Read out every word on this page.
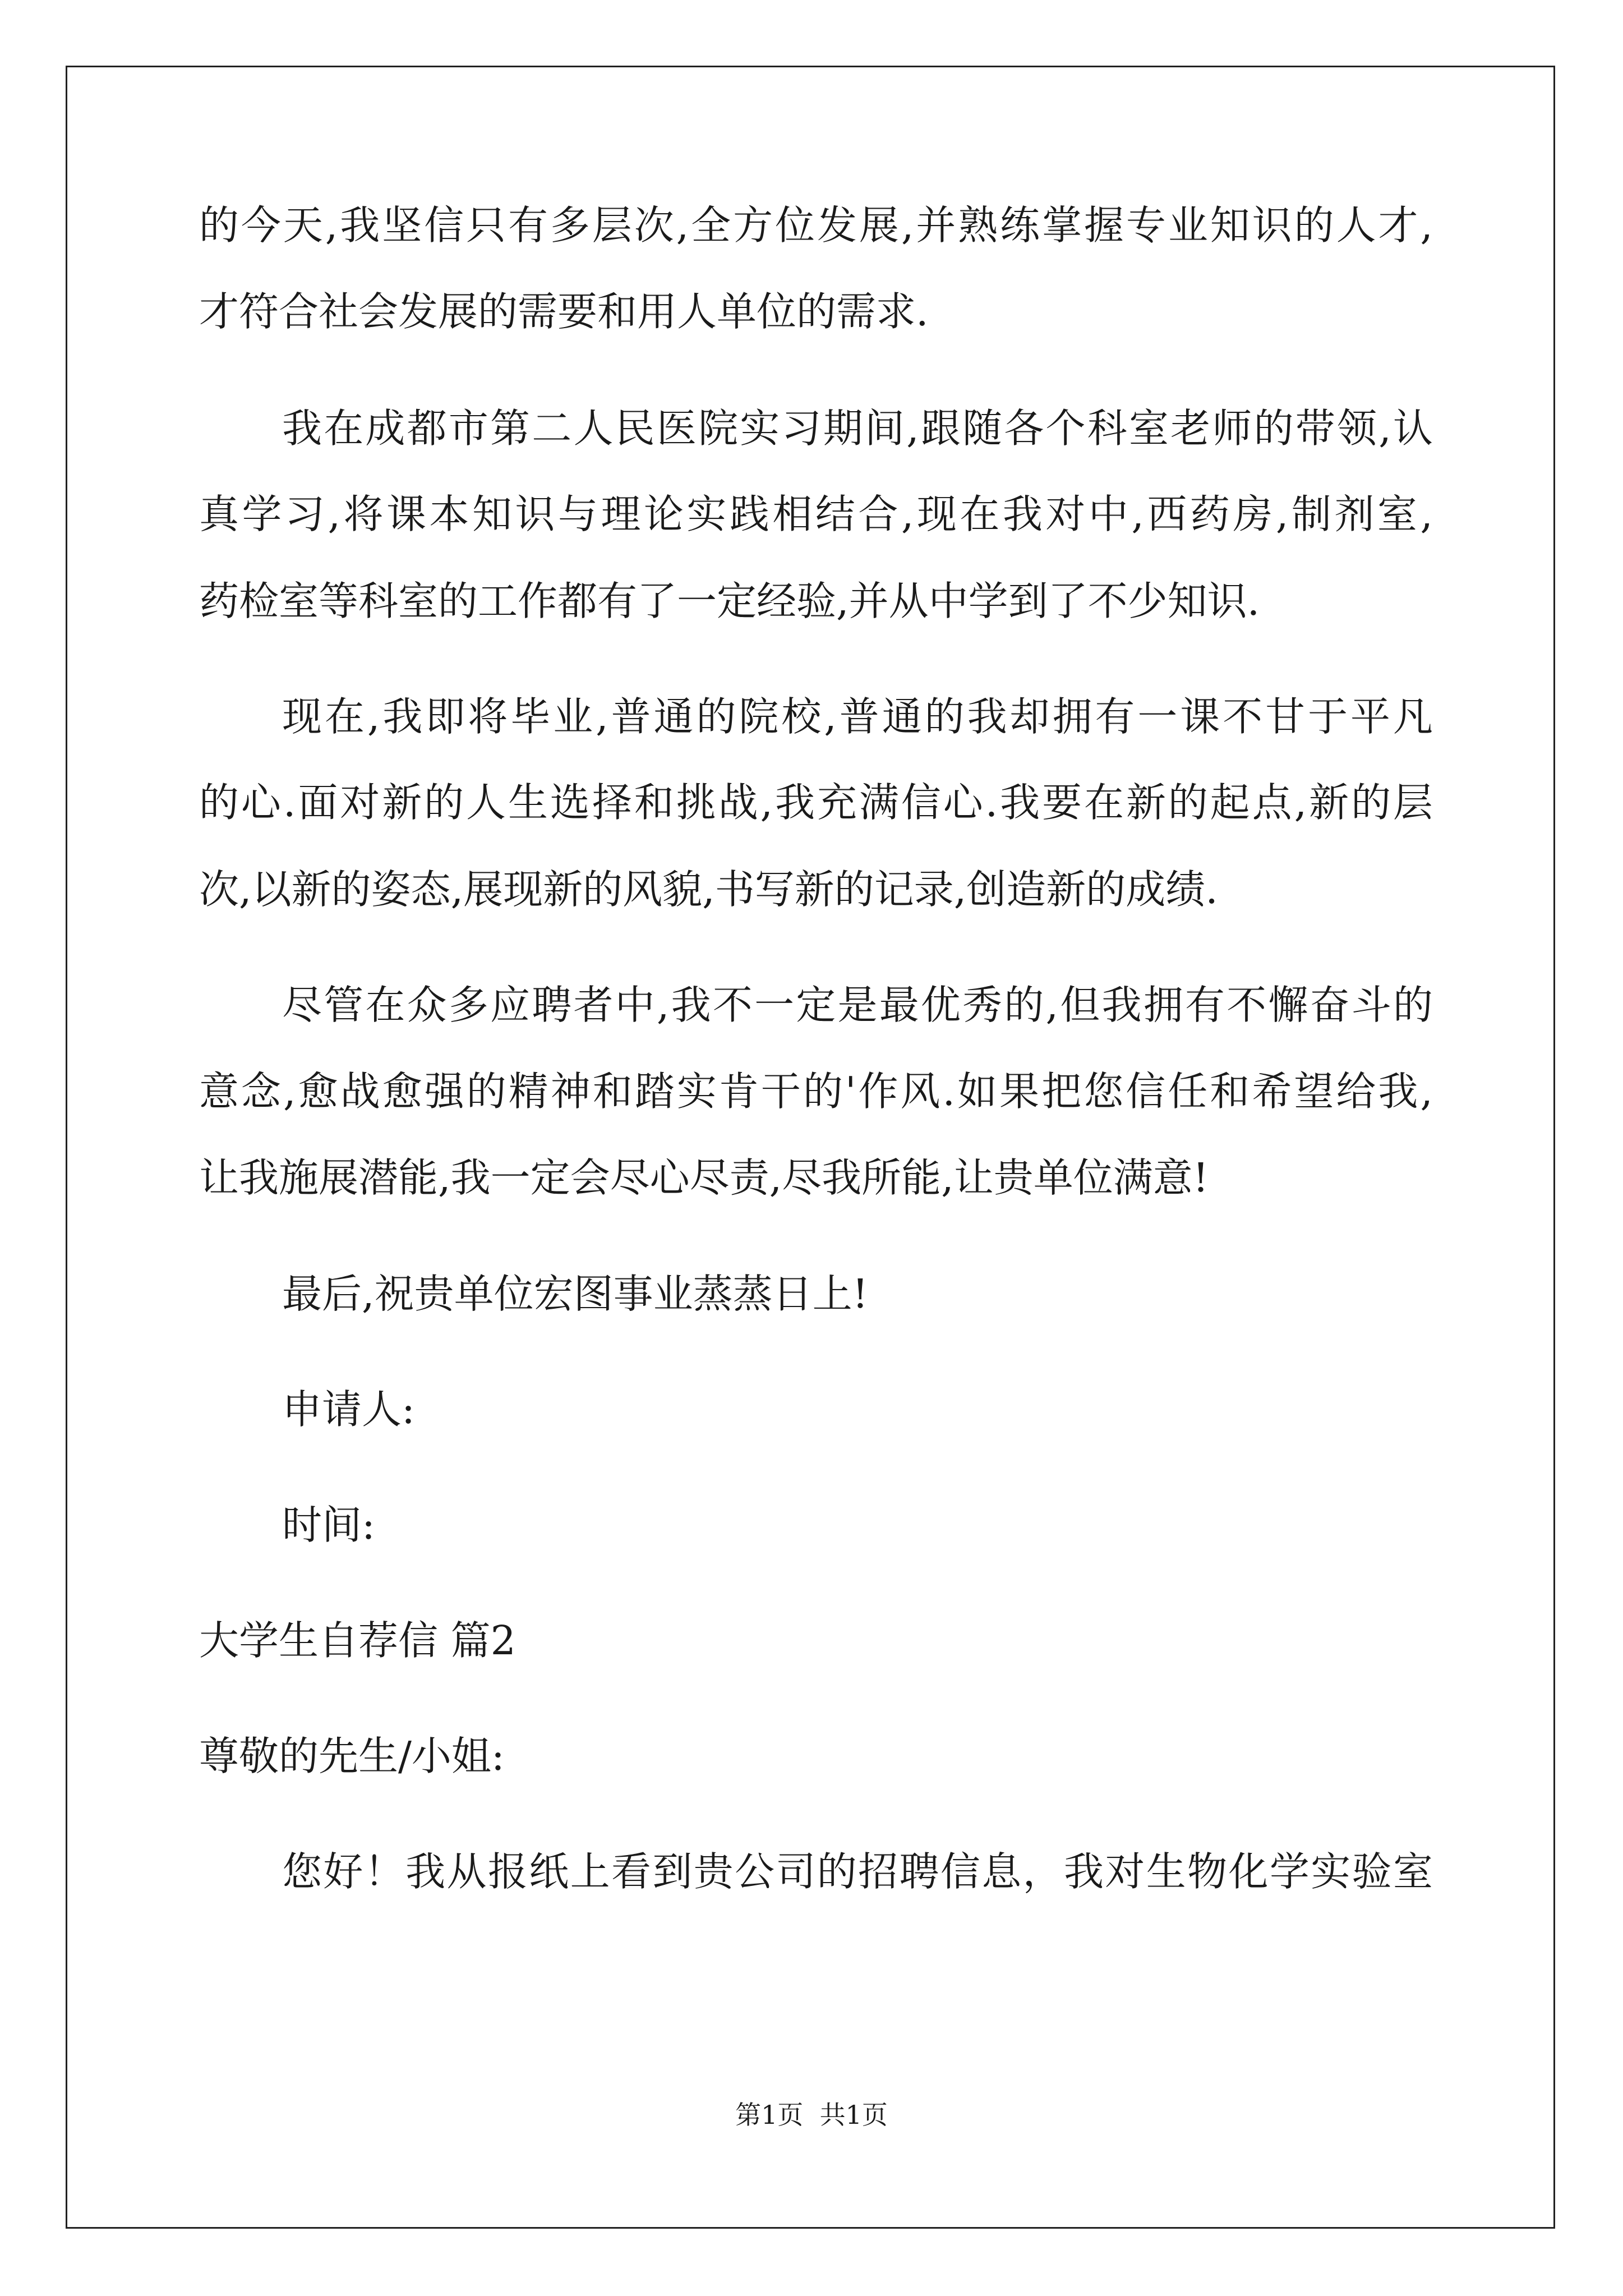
的今天,我坚信只有多层次,全方位发展,并熟练掌握专业知识的人才,
才符合社会发展的需要和用人单位的需求.
我在成都市第二人民医院实习期间,跟随各个科室老师的带领,认
真学习,将课本知识与理论实践相结合,现在我对中,西药房,制剂室,
药检室等科室的工作都有了一定经验,并从中学到了不少知识.
现在,我即将毕业,普通的院校,普通的我却拥有一课不甘于平凡
的心.面对新的人生选择和挑战,我充满信心.我要在新的起点,新的层
次,以新的姿态,展现新的风貌,书写新的记录,创造新的成绩.
尽管在众多应聘者中,我不一定是最优秀的,但我拥有不懈奋斗的
意念,愈战愈强的精神和踏实肯干的'作风.如果把您信任和希望给我,
让我施展潜能,我一定会尽心尽责,尽我所能,让贵单位满意!
最后,祝贵单位宏图事业蒸蒸日上!
申请人:
时间:
大学生自荐信 篇2
尊敬的先生/小姐:
您好！我从报纸上看到贵公司的招聘信息，我对生物化学实验室
第1页  共1页
